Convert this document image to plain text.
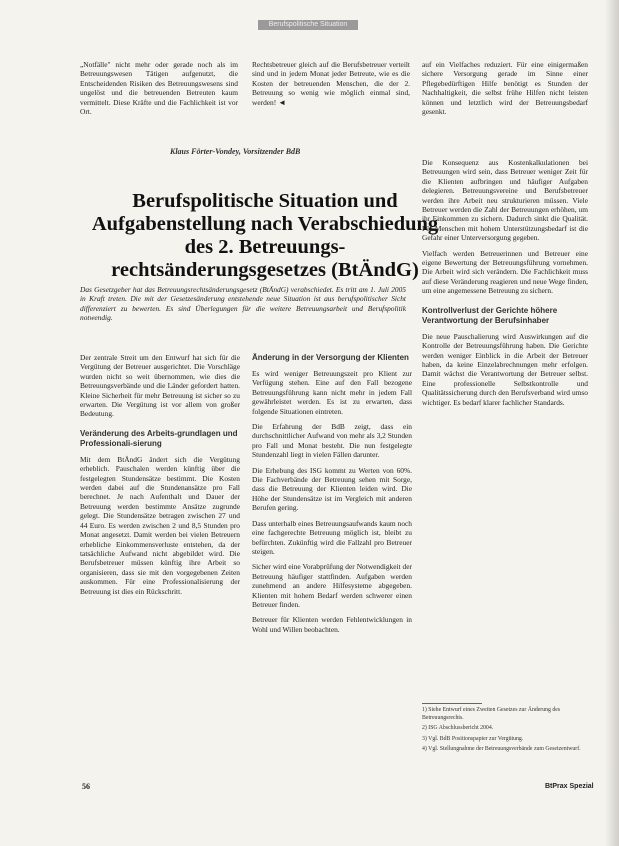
Berufspolitische Situation
„Notfälle" nicht mehr oder gerade noch als im Betreuungswesen Tätigen aufgenutzt, die Entscheidenden Risiken des Betreuungswesens sind ungelöst und die betreuenden Betreuten kaum vermittelt. Diese Kräfte und die Fachlichkeit ist vor Ort.
Rechtsbetreuer gleich auf die Berufsbetreuer verteilt sind und in jedem Monat jeder Betreute, wie es die Kosten der betreuenden Menschen, die der 2. Betreuung so wenig wie möglich einmal sind, werden! ◄
auf ein Vielfaches reduziert. Für eine einigermaßen sichere Versorgung gerade im Sinne einer Pflegebedürftigen Hilfe benötigt es Stunden der Nachhaltigkeit, die selbst frühe Hilfen nicht leisten können und letztlich wird der Betreuungsbedarf gesenkt.
Klaus Förter-Vondey, Vorsitzender BdB
Berufspolitische Situation und Aufgabenstellung nach Verabschiedung des 2. Betreuungs-rechtsänderungsgesetzes (BtÄndG)

Das Gesetzgeber hat das Betreuungsrechtsänderungsgesetz (BtÄndG) verabschiedet. Es tritt am 1. Juli 2005 in Kraft treten. Die mit der Gesetzesänderung entstehende neue Situation ist aus berufspolitischer Sicht differenziert zu bewerten. Es sind Überlegungen für die weitere Betreuungsarbeit und Berufspolitik notwendig.

Der zentrale Streit um den Entwurf hat sich für die Vergütung der Betreuer ausgerichtet. Die Vorschläge wurden nicht so weit übernommen, wie dies die Betreuungsverbände und die Länder gefordert hatten. Kleine Sicherheit für mehr Betreuung ist sicher so zu erwarten. Die Vergütung ist vor allem von großer Bedeutung.

Veränderung des Arbeits-grundlagen und Professionali-sierung

Mit dem BtÄndG ändert sich die Vergütung erheblich. Pauschalen werden künftig über die festgelegten Stundensätze bestimmt. Die Kosten werden dabei auf die Stundenansätze pro Fall berechnet. Je nach Aufenthalt und Dauer der Betreuung werden bestimmte Ansätze zugrunde gelegt. Die Stundensätze betragen zwischen 27 und 44 Euro. Es werden zwischen 2 und 8,5 Stunden pro Monat angesetzt. Damit werden bei vielen Betreuern erhebliche Einkommensverluste entstehen, da der tatsächliche Aufwand nicht abgebildet wird. Die Berufsbetreuer müssen künftig ihre Arbeit so organisieren, dass sie mit den vorgegebenen Zeiten auskommen. Für eine Professionalisierung der Betreuung ist dies ein Rückschritt.

Änderung in der Versorgung der Klienten

Es wird weniger Betreuungszeit pro Klient zur Verfügung stehen. Eine auf den Fall bezogene Betreuungsführung kann nicht mehr in jedem Fall gewährleistet werden. Es ist zu erwarten, dass folgende Situationen eintreten.

Die Erfahrung der BdB zeigt, dass ein durchschnittlicher Aufwand von mehr als 3,2 Stunden pro Fall und Monat besteht. Die nun festgelegte Stundenzahl liegt in vielen Fällen darunter.

Die Erhebung des ISG kommt zu Werten von 60%. Die Fachverbände der Betreuung sehen mit Sorge, dass die Betreuung der Klienten leiden wird. Die Höhe der Stundensätze ist im Vergleich mit anderen Berufen gering.

Dass unterhalb eines Betreuungsaufwands kaum noch eine fachgerechte Betreuung möglich ist, bleibt zu befürchten. Zukünftig wird die Fallzahl pro Betreuer steigen.

Sicher wird eine Vorabprüfung der Notwendigkeit der Betreuung häufiger stattfinden. Aufgaben werden zunehmend an andere Hilfesysteme abgegeben. Klienten mit hohem Bedarf werden schwerer einen Betreuer finden.

Betreuer für Klienten werden Fehlentwicklungen in Wohl und Willen beobachten.

Die Konsequenz aus Kostenkalkulationen bei Betreuungen wird sein, dass Betreuer weniger Zeit für die Klienten aufbringen und häufiger Aufgaben delegieren. Betreuungsvereine und Berufsbetreuer werden ihre Arbeit neu strukturieren müssen. Viele Betreuer werden die Zahl der Betreuungen erhöhen, um ihr Einkommen zu sichern. Dadurch sinkt die Qualität. Für Menschen mit hohem Unterstützungsbedarf ist die Gefahr einer Unterversorgung gegeben.

Vielfach werden Betreuerinnen und Betreuer eine eigene Bewertung der Betreuungsführung vornehmen. Die Arbeit wird sich verändern. Die Fachlichkeit muss auf diese Veränderung reagieren und neue Wege finden, um eine angemessene Betreuung zu sichern.

Kontrollverlust der Gerichte höhere Verantwortung der Berufsinhaber

Die neue Pauschalierung wird Auswirkungen auf die Kontrolle der Betreuungsführung haben. Die Gerichte werden weniger Einblick in die Arbeit der Betreuer haben, da keine Einzelabrechnungen mehr erfolgen. Damit wächst die Verantwortung der Betreuer selbst. Eine professionelle Selbstkontrolle und Qualitätssicherung durch den Berufsverband wird umso wichtiger. Es bedarf klarer fachlicher Standards.

1) Siehe Entwurf eines Zweiten Gesetzes zur Änderung des Betreuungsrechts.
2) ISG Abschlussbericht 2004.
3) Vgl. BdB Positionspapier zur Vergütung.
4) Vgl. Stellungnahme der Betreuungsverbände zum Gesetzentwurf.
56	BtPrax Spezial
